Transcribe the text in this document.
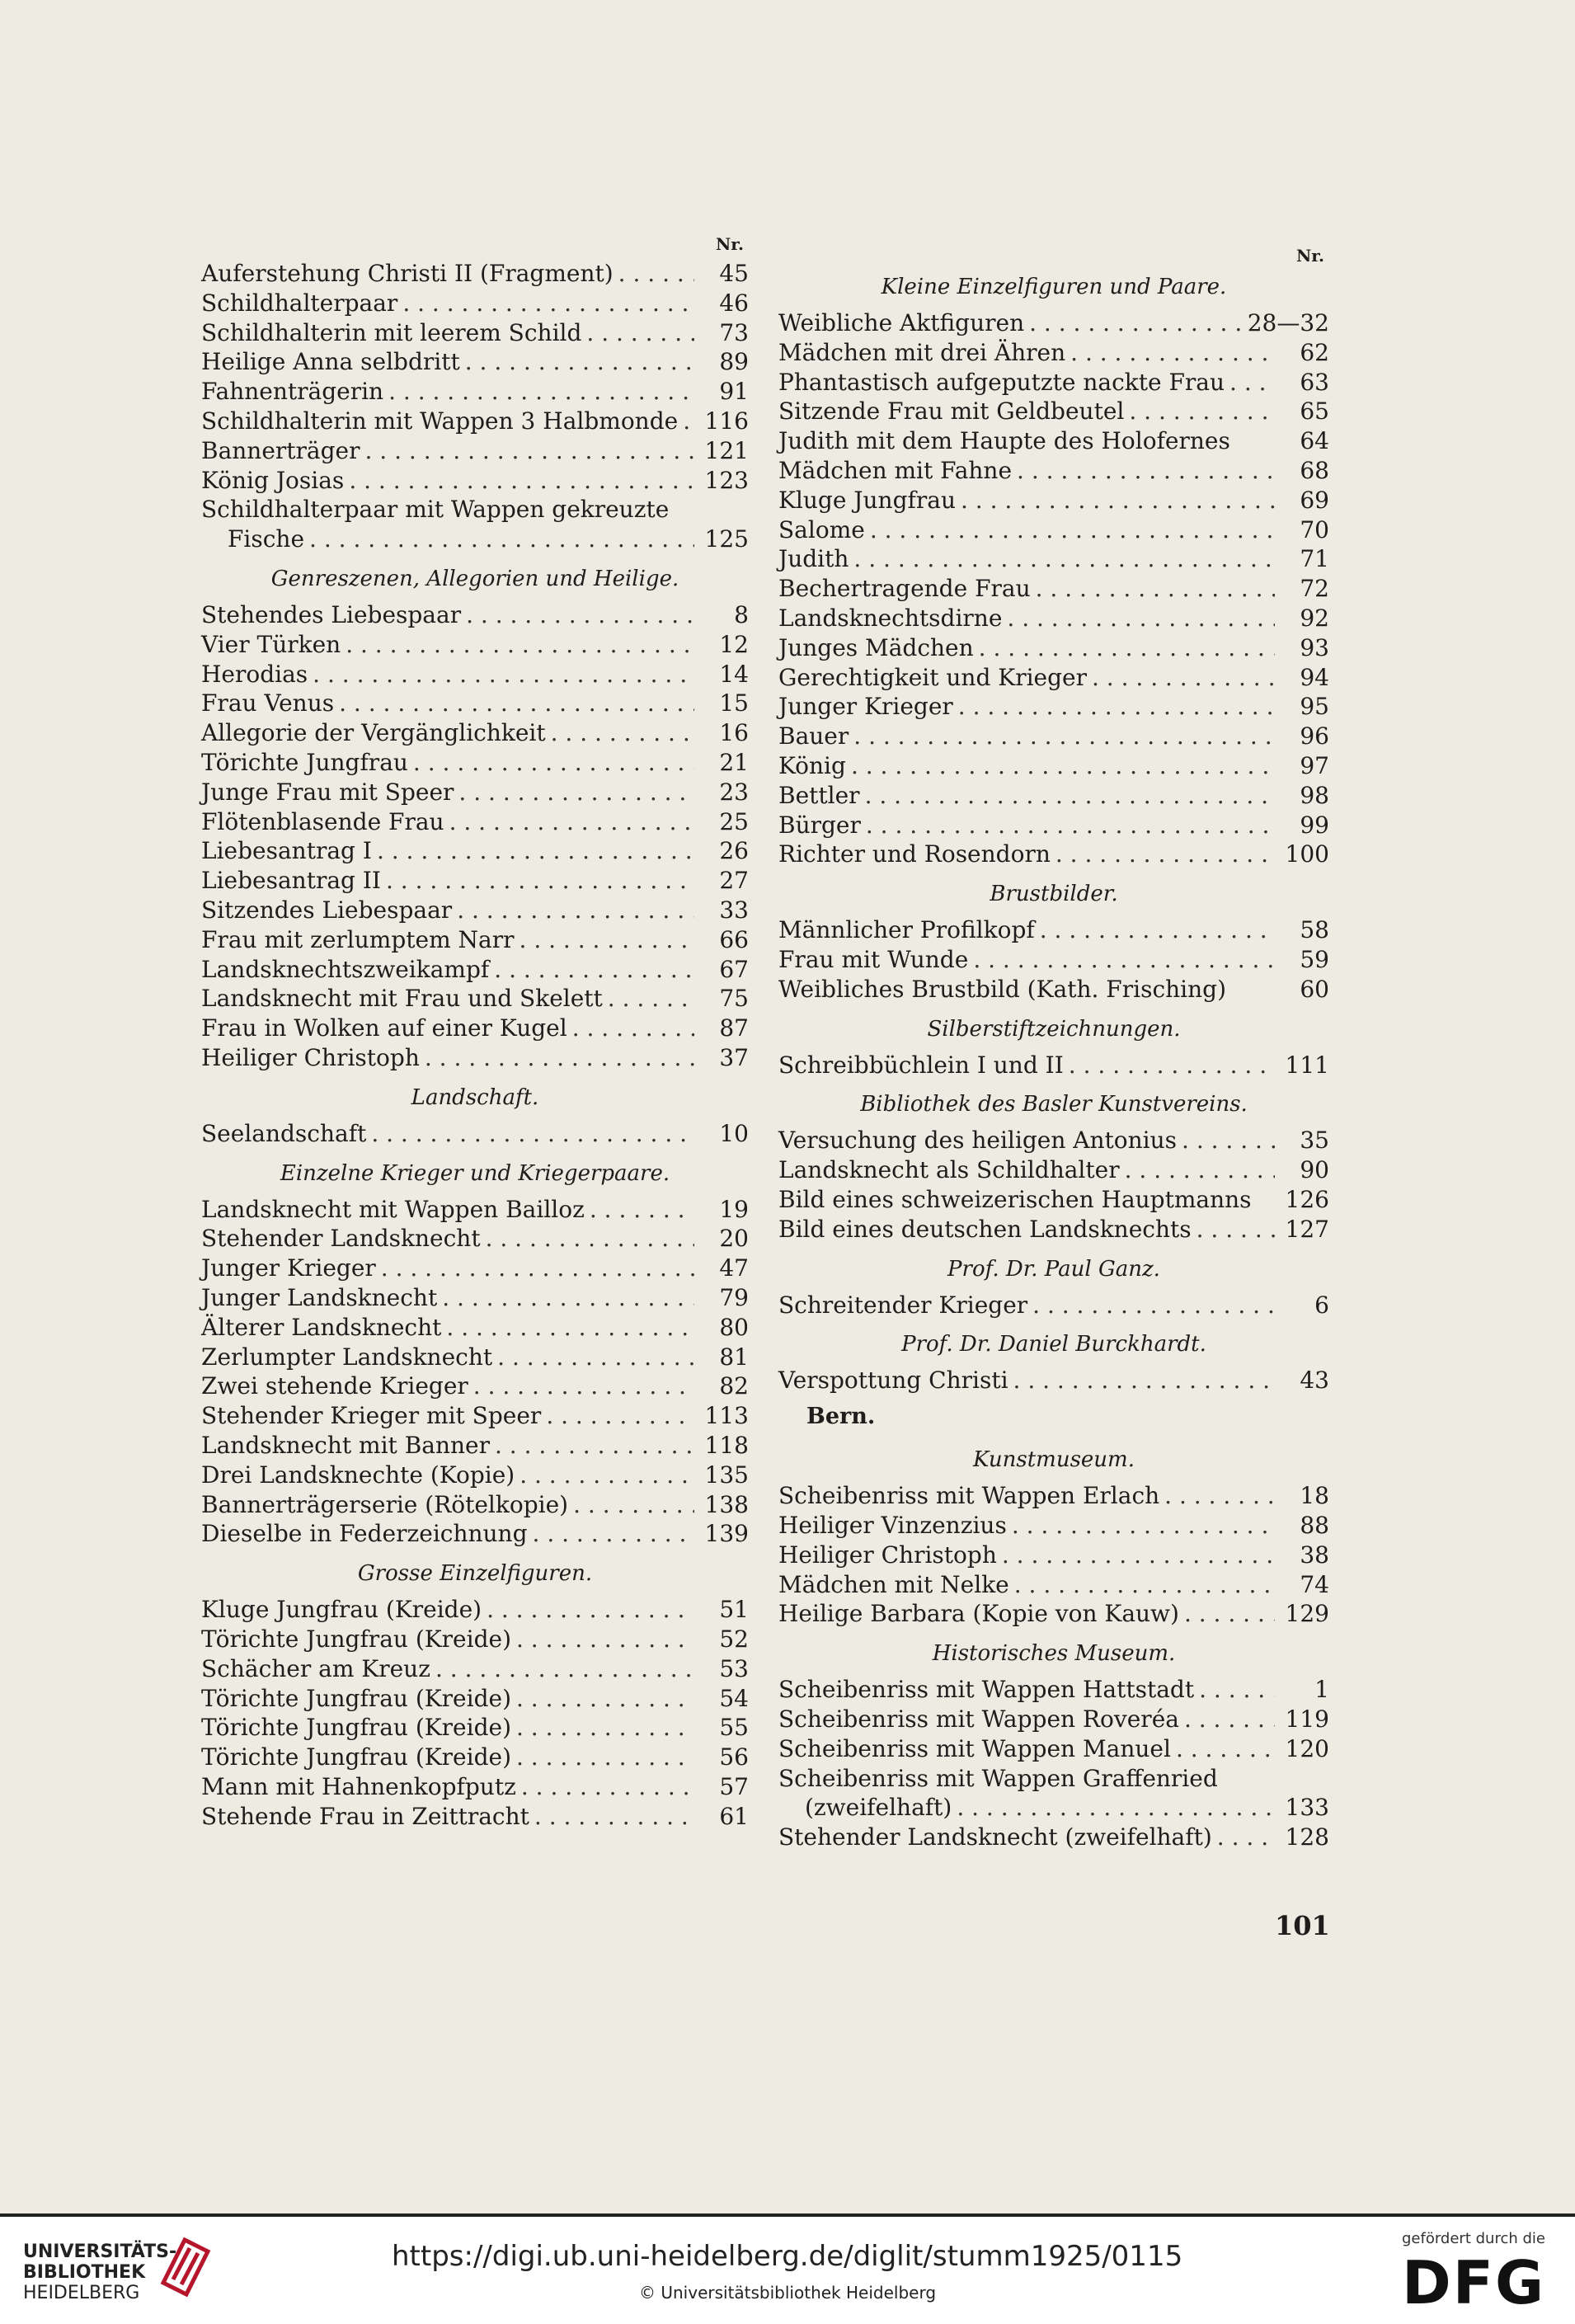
Nr.
Auferstehung Christi II (Fragment) . . .	45
Schildhalterpaar . . .	46
Schildhalterin mit leerem Schild . . .	73
Heilige Anna selbdritt . . .	89
Fahnenträgerin . . .	91
Schildhalterin mit Wappen 3 Halbmonde . . . 116
Bannerträger . . .	121
König Josias . . .	123
Schildhalterpaar mit Wappen gekreuzte
Fische . . .	125
Genreszenen, Allegorien und Heilige.
Stehendes Liebespaar . . .	8
Vier Türken . . .	12
Herodias . . .	14
Frau Venus . . .	15
Allegorie der Vergänglichkeit . . .	16
Törichte Jungfrau . . .	21
Junge Frau mit Speer . . .	23
Flötenblasende Frau . . .	25
Liebesantrag I . . .	26
Liebesantrag II . . .	27
Sitzendes Liebespaar . . .	33
Frau mit zerlumptem Narr . . .	66
Landsknechtszweikampf . . .	67
Landsknecht mit Frau und Skelett . . .	75
Frau in Wolken auf einer Kugel . . .	87
Heiliger Christoph . . .	37
Landschaft.
Seelandschaft . . .	10
Einzelne Krieger und Kriegerpaare.
Landsknecht mit Wappen Bailloz . . .	19
Stehender Landsknecht . . .	20
Junger Krieger . . .	47
Junger Landsknecht . . .	79
Älterer Landsknecht . . .	80
Zerlumpter Landsknecht . . .	81
Zwei stehende Krieger . . .	82
Stehender Krieger mit Speer . . .	113
Landsknecht mit Banner . . .	118
Drei Landsknechte (Kopie) . . .	135
Bannerträgerserie (Rötelkopie) . . .	138
Dieselbe in Federzeichnung . . .	139
Grosse Einzelfiguren.
Kluge Jungfrau (Kreide) . . .	51
Törichte Jungfrau (Kreide) . . .	52
Schächer am Kreuz . . .	53
Törichte Jungfrau (Kreide) . . .	54
Törichte Jungfrau (Kreide) . . .	55
Törichte Jungfrau (Kreide) . . .	56
Mann mit Hahnenkopfputz . . .	57
Stehende Frau in Zeittracht . . .	61
Nr.
Kleine Einzelfiguren und Paare.
Weibliche Aktfiguren . . .	28—32
Mädchen mit drei Ähren . . .	62
Phantastisch aufgeputzte nackte Frau . . .	63
Sitzende Frau mit Geldbeutel . . .	65
Judith mit dem Haupte des Holofernes	64
Mädchen mit Fahne . . .	68
Kluge Jungfrau . . .	69
Salome . . .	70
Judith . . .	71
Bechertragende Frau . . .	72
Landsknechtsdirne . . .	92
Junges Mädchen . . .	93
Gerechtigkeit und Krieger . . .	94
Junger Krieger . . .	95
Bauer . . .	96
König . . .	97
Bettler . . .	98
Bürger . . .	99
Richter und Rosendorn . . .	100
Brustbilder.
Männlicher Profilkopf . . .	58
Frau mit Wunde . . .	59
Weibliches Brustbild (Kath. Frisching)	60
Silberstiftzeichnungen.
Schreibbüchlein I und II . . .	111
Bibliothek des Basler Kunstvereins.
Versuchung des heiligen Antonius . . .	35
Landsknecht als Schildhalter . . .	90
Bild eines schweizerischen Hauptmanns	126
Bild eines deutschen Landsknechts . . .	127
Prof. Dr. Paul Ganz.
Schreitender Krieger . . .	6
Prof. Dr. Daniel Burckhardt.
Verspottung Christi . . .	43
Bern.
Kunstmuseum.
Scheibenriss mit Wappen Erlach . . .	18
Heiliger Vinzenzius . . .	88
Heiliger Christoph . . .	38
Mädchen mit Nelke . . .	74
Heilige Barbara (Kopie von Kauw) . . .	129
Historisches Museum.
Scheibenriss mit Wappen Hattstadt . . .	1
Scheibenriss mit Wappen Roveréa . . .	119
Scheibenriss mit Wappen Manuel . . .	120
Scheibenriss mit Wappen Graffenried
(zweifelhaft) . . .	133
Stehender Landsknecht (zweifelhaft) . . .	128
101
UNIVERSITÄTS-
BIBLIOTHEK
HEIDELBERG
https://digi.ub.uni-heidelberg.de/diglit/stumm1925/0115
© Universitätsbibliothek Heidelberg
gefördert durch die
DFG
